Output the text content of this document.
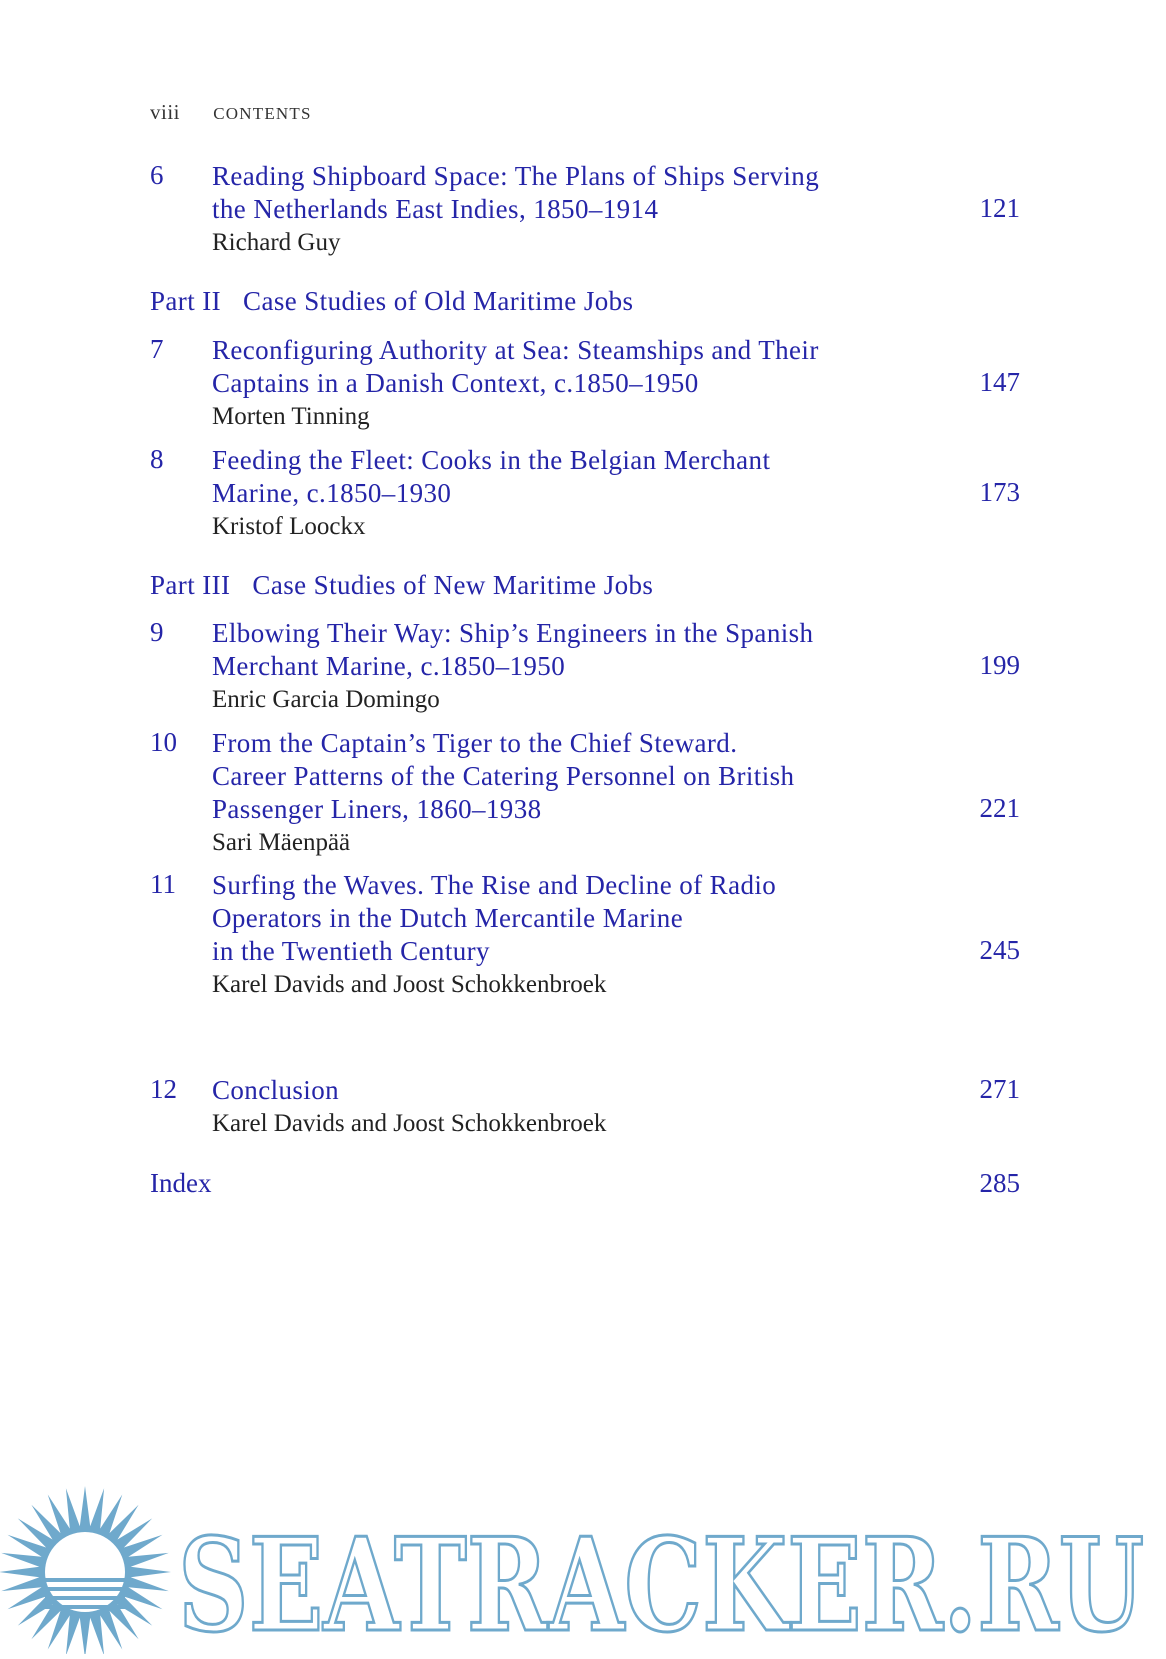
viii CONTENTS
6 Reading Shipboard Space: The Plans of Ships Serving
the Netherlands East Indies, 1850–1914
Richard Guy
121
Part II Case Studies of Old Maritime Jobs
7 Reconfiguring Authority at Sea: Steamships and Their
Captains in a Danish Context, c.1850–1950
Morten Tinning
147
8 Feeding the Fleet: Cooks in the Belgian Merchant
Marine, c.1850–1930
Kristof Loockx
173
Part III Case Studies of New Maritime Jobs
9 Elbowing Their Way: Ship’s Engineers in the Spanish
Merchant Marine, c.1850–1950
Enric Garcia Domingo
199
10 From the Captain’s Tiger to the Chief Steward.
Career Patterns of the Catering Personnel on British
Passenger Liners, 1860–1938
Sari Mäenpää
221
11 Surfing the Waves. The Rise and Decline of Radio
Operators in the Dutch Mercantile Marine
in the Twentieth Century
Karel Davids and Joost Schokkenbroek
245
12 Conclusion
Karel Davids and Joost Schokkenbroek
271
Index	285
SEATRACKER.RU
